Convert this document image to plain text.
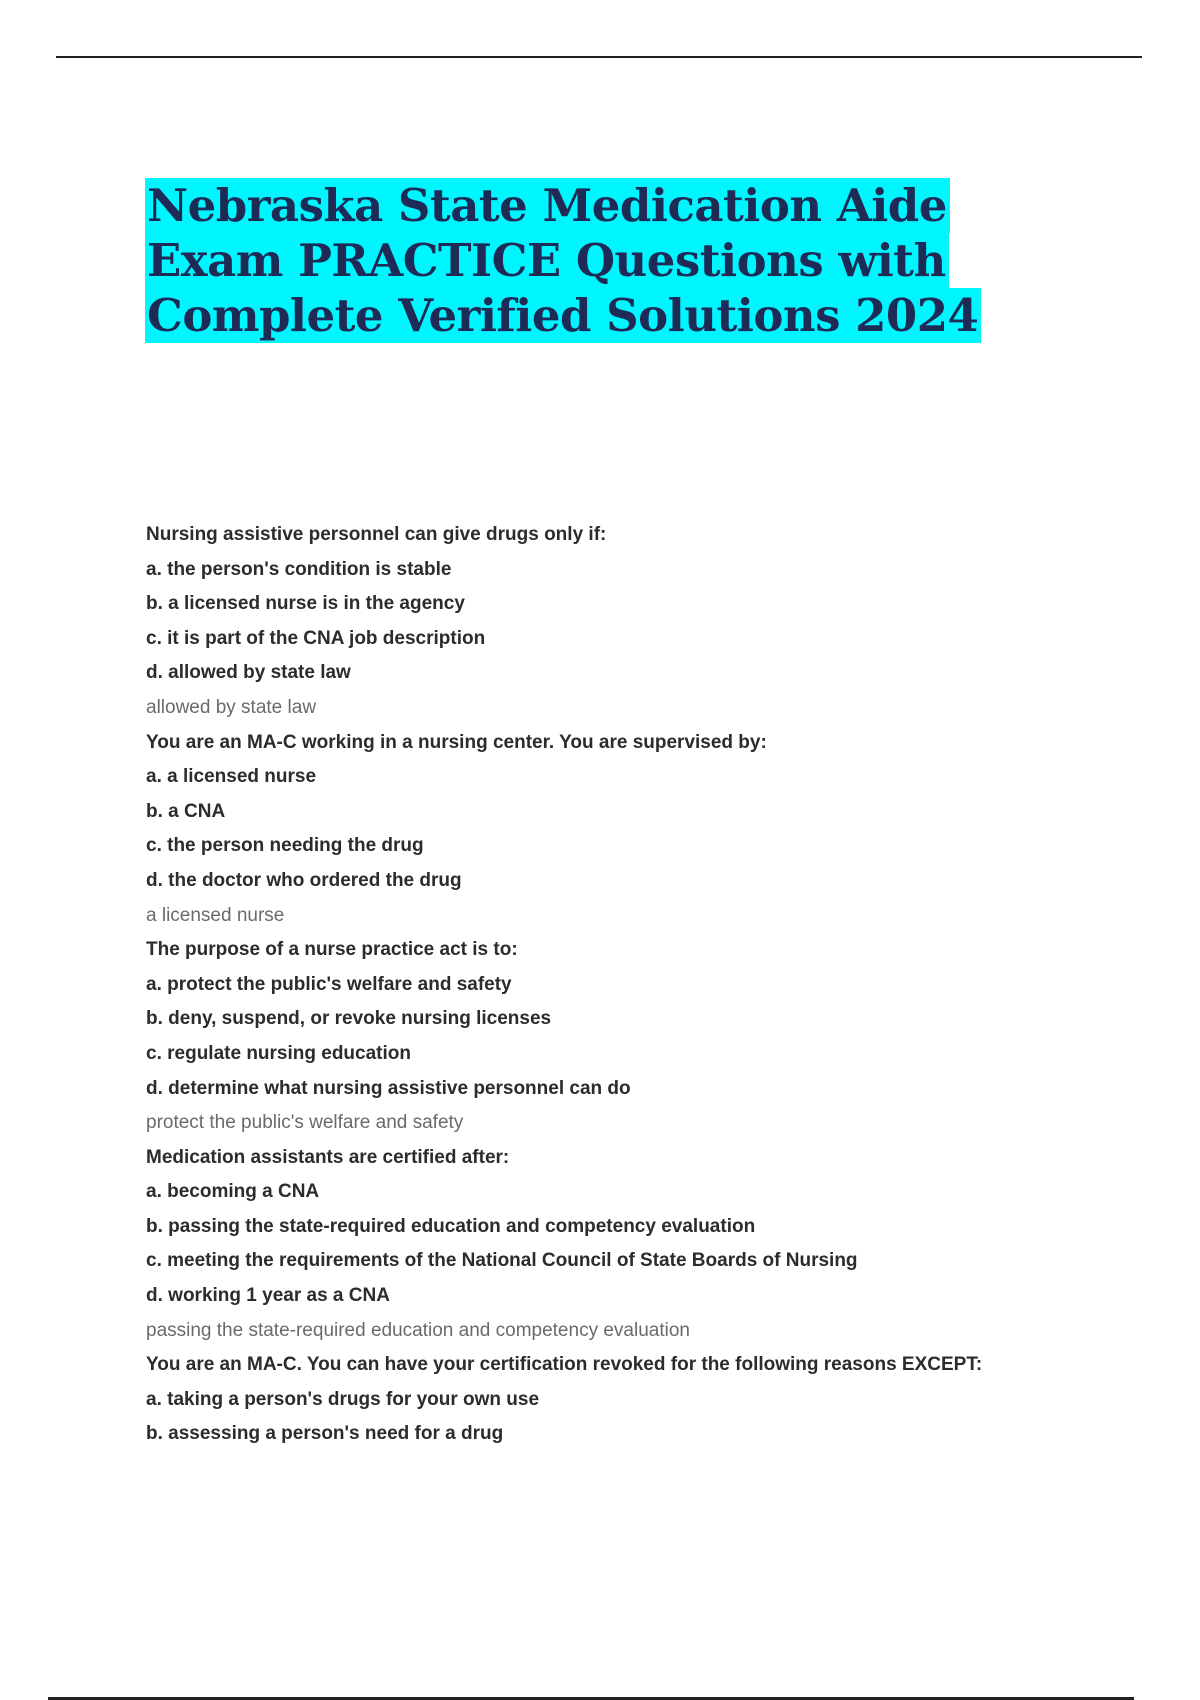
Nebraska State Medication Aide
Exam PRACTICE Questions with
Complete Verified Solutions 2024
Nursing assistive personnel can give drugs only if:
a. the person's condition is stable
b. a licensed nurse is in the agency
c. it is part of the CNA job description
d. allowed by state law
allowed by state law
You are an MA-C working in a nursing center. You are supervised by:
a. a licensed nurse
b. a CNA
c. the person needing the drug
d. the doctor who ordered the drug
a licensed nurse
The purpose of a nurse practice act is to:
a. protect the public's welfare and safety
b. deny, suspend, or revoke nursing licenses
c. regulate nursing education
d. determine what nursing assistive personnel can do
protect the public's welfare and safety
Medication assistants are certified after:
a. becoming a CNA
b. passing the state-required education and competency evaluation
c. meeting the requirements of the National Council of State Boards of Nursing
d. working 1 year as a CNA
passing the state-required education and competency evaluation
You are an MA-C. You can have your certification revoked for the following reasons EXCEPT:
a. taking a person's drugs for your own use
b. assessing a person's need for a drug
